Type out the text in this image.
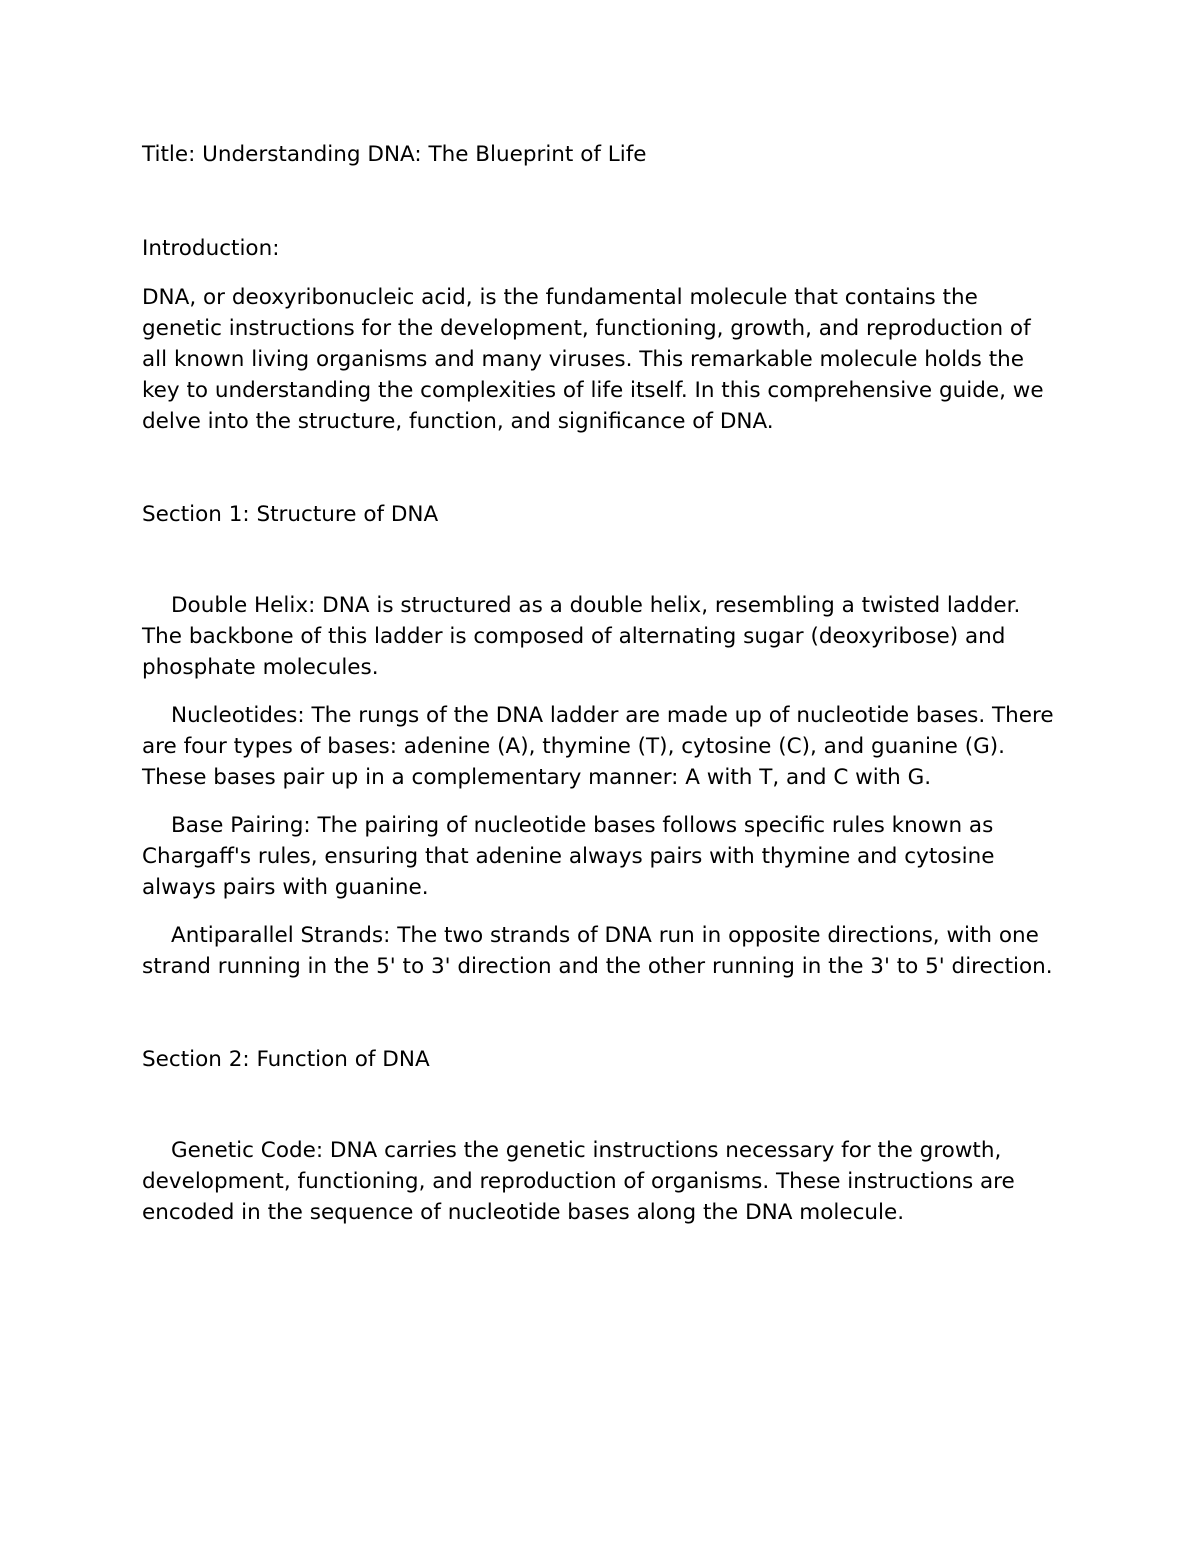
Title: Understanding DNA: The Blueprint of Life

Introduction:

DNA, or deoxyribonucleic acid, is the fundamental molecule that contains the genetic instructions for the development, functioning, growth, and reproduction of all known living organisms and many viruses. This remarkable molecule holds the key to understanding the complexities of life itself. In this comprehensive guide, we delve into the structure, function, and significance of DNA.

Section 1: Structure of DNA

Double Helix: DNA is structured as a double helix, resembling a twisted ladder. The backbone of this ladder is composed of alternating sugar (deoxyribose) and phosphate molecules.

Nucleotides: The rungs of the DNA ladder are made up of nucleotide bases. There are four types of bases: adenine (A), thymine (T), cytosine (C), and guanine (G). These bases pair up in a complementary manner: A with T, and C with G.

Base Pairing: The pairing of nucleotide bases follows specific rules known as Chargaff's rules, ensuring that adenine always pairs with thymine and cytosine always pairs with guanine.

Antiparallel Strands: The two strands of DNA run in opposite directions, with one strand running in the 5' to 3' direction and the other running in the 3' to 5' direction.

Section 2: Function of DNA

Genetic Code: DNA carries the genetic instructions necessary for the growth, development, functioning, and reproduction of organisms. These instructions are encoded in the sequence of nucleotide bases along the DNA molecule.
